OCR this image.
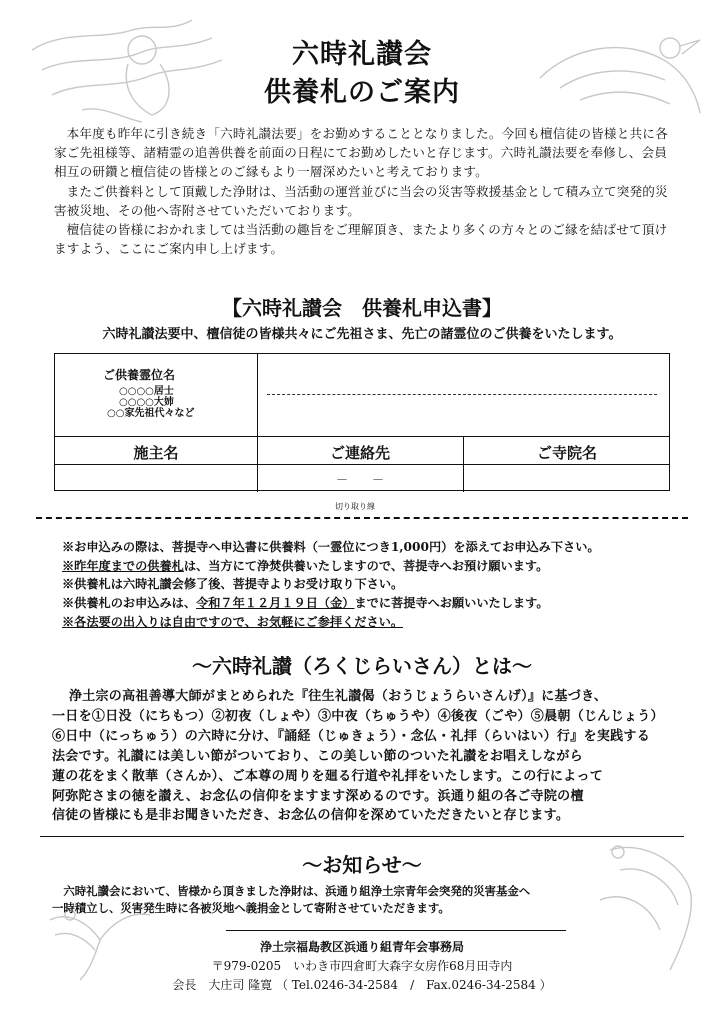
六時礼讃会
供養札のご案内

本年度も昨年に引き続き「六時礼讃法要」をお勤めすることとなりました。今回も檀信徒の皆様と共に各家ご先祖様等、諸精霊の追善供養を前面の日程にてお勤めしたいと存じます。六時礼讃法要を奉修し、会員相互の研鑽と檀信徒の皆様とのご縁もより一層深めたいと考えております。

またご供養料として頂戴した浄財は、当活動の運営並びに当会の災害等救援基金として積み立て突発的災害被災地、その他へ寄附させていただいております。

檀信徒の皆様におかれましては当活動の趣旨をご理解頂き、またより多くの方々とのご縁を結ばせて頂けますよう、ここにご案内申し上げます。

【六時礼讃会　供養札申込書】
六時礼讃法要中、檀信徒の皆様共々にご先祖さま、先亡の諸霊位のご供養をいたします。
ご供養霊位名
○○○○居士
○○○○大姉
○○家先祖代々など
施主名	ご連絡先	ご寺院名
－　　－
切り取り線
※お申込みの際は、菩提寺へ申込書に供養料（一霊位につき1,000円）を添えてお申込み下さい。
※昨年度までの供養札は、当方にて浄焚供養いたしますので、菩提寺へお預け願います。
※供養札は六時礼讃会修了後、菩提寺よりお受け取り下さい。
※供養札のお申込みは、令和７年１２月１９日（金）までに菩提寺へお願いいたします。
※各法要の出入りは自由ですので、お気軽にご参拝ください。
～六時礼讃（ろくじらいさん）とは～
浄土宗の高祖善導大師がまとめられた『往生礼讃偈（おうじょうらいさんげ）』に基づき、
一日を①日没（にちもつ）②初夜（しょや）③中夜（ちゅうや）④後夜（ごや）⑤晨朝（じんじょう）
⑥日中（にっちゅう）の六時に分け、『誦経（じゅきょう）・念仏・礼拝（らいはい）行』を実践する
法会です。礼讃には美しい節がついており、この美しい節のついた礼讃をお唱えしながら
蓮の花をまく散華（さんか）、ご本尊の周りを廻る行道や礼拝をいたします。この行によって
阿弥陀さまの徳を讃え、お念仏の信仰をますます深めるのです。浜通り組の各ご寺院の檀
信徒の皆様にも是非お聞きいただき、お念仏の信仰を深めていただきたいと存じます。
～お知らせ～
六時礼讃会において、皆様から頂きました浄財は、浜通り組浄土宗青年会突発的災害基金へ
一時積立し、災害発生時に各被災地へ義捐金として寄附させていただきます。
浄土宗福島教区浜通り組青年会事務局
〒979-0205　いわき市四倉町大森字女房作68月田寺内
会長　大庄司 隆寛 （ Tel.0246-34-2584　/　Fax.0246-34-2584 ）
